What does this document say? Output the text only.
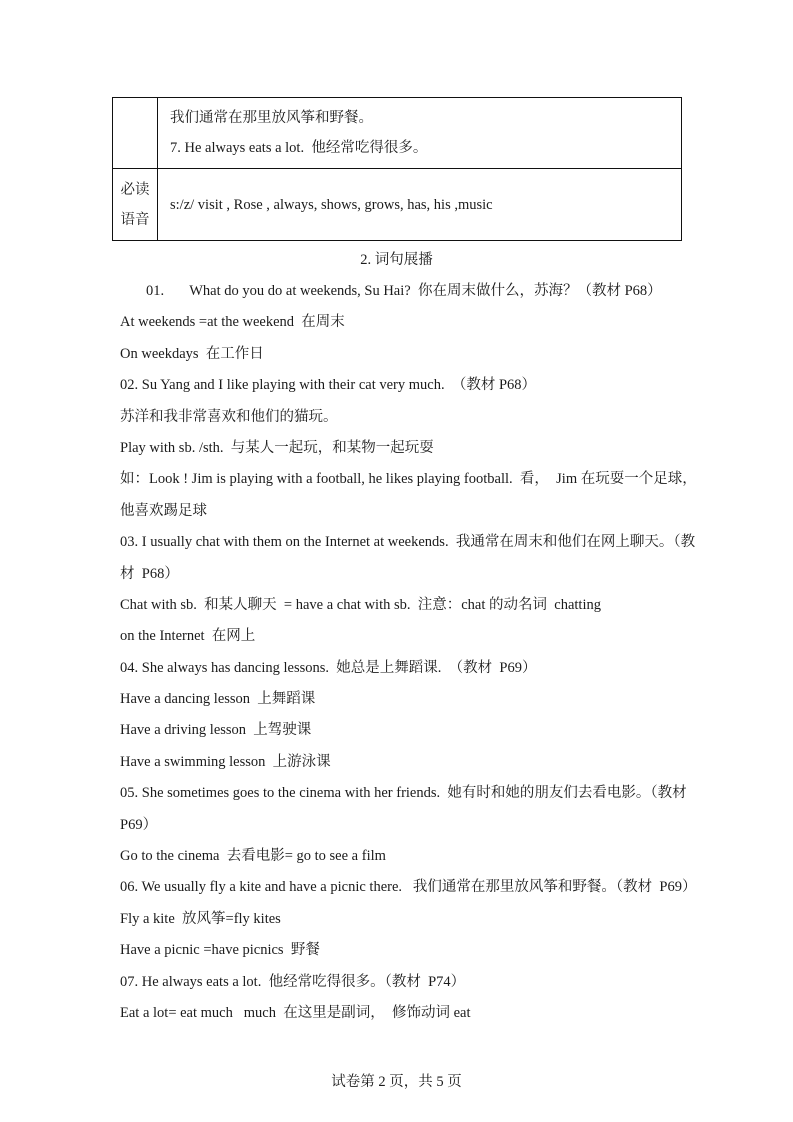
	我们通常在那里放风筝和野餐。
7. He always eats a lot.  他经常吃得很多。

必读
语音	s:/z/ visit , Rose , always, shows, grows, has, his ,music
2. 词句展播
01.       What do you do at weekends, Su Hai?  你在周末做什么，苏海？（教材 P68）
At weekends =at the weekend  在周末
On weekdays  在工作日
02. Su Yang and I like playing with their cat very much.  （教材 P68）
苏洋和我非常喜欢和他们的猫玩。
Play with sb. /sth.  与某人一起玩，和某物一起玩耍
如：Look ! Jim is playing with a football, he likes playing football.  看，  Jim 在玩耍一个足球，
他喜欢踢足球
03. I usually chat with them on the Internet at weekends.  我通常在周末和他们在网上聊天。（教
材  P68）
Chat with sb.  和某人聊天  = have a chat with sb.  注意：chat 的动名词  chatting
on the Internet  在网上
04. She always has dancing lessons.  她总是上舞蹈课.  （教材  P69）
Have a dancing lesson  上舞蹈课
Have a driving lesson  上驾驶课
Have a swimming lesson  上游泳课
05. She sometimes goes to the cinema with her friends.  她有时和她的朋友们去看电影。（教材
P69）
Go to the cinema  去看电影= go to see a film
06. We usually fly a kite and have a picnic there.   我们通常在那里放风筝和野餐。（教材  P69）
Fly a kite  放风筝=fly kites
Have a picnic =have picnics  野餐
07. He always eats a lot.  他经常吃得很多。（教材  P74）
Eat a lot= eat much   much  在这里是副词，  修饰动词 eat
试卷第 2 页，共 5 页
